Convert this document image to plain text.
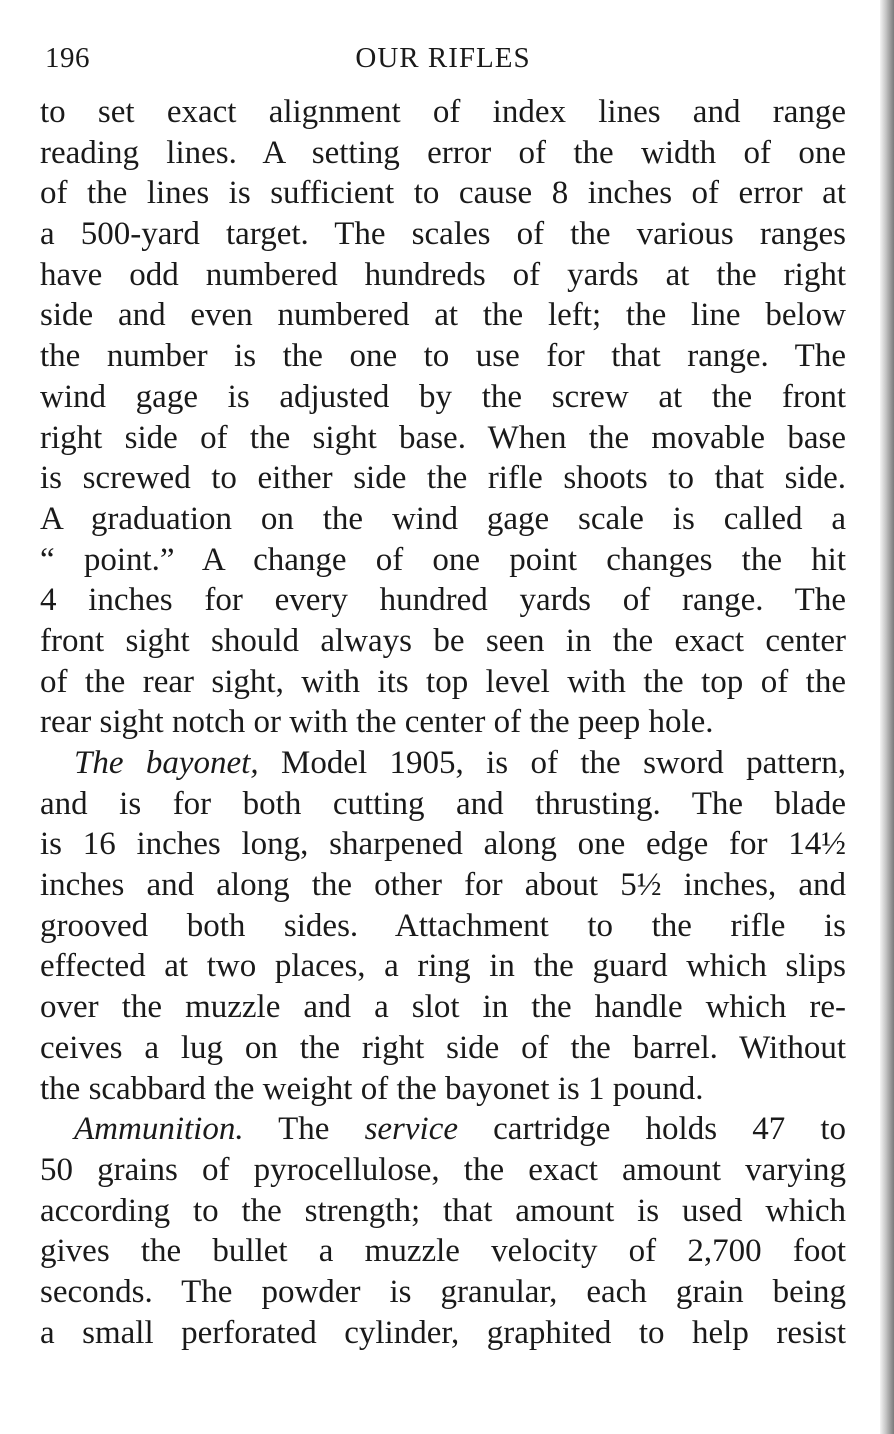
196	OUR RIFLES
to set exact alignment of index lines and range
reading lines. A setting error of the width of one
of the lines is sufficient to cause 8 inches of error at
a 500-yard target. The scales of the various ranges
have odd numbered hundreds of yards at the right
side and even numbered at the left; the line below
the number is the one to use for that range. The
wind gage is adjusted by the screw at the front
right side of the sight base. When the movable base
is screwed to either side the rifle shoots to that side.
A graduation on the wind gage scale is called a
“ point.” A change of one point changes the hit
4 inches for every hundred yards of range. The
front sight should always be seen in the exact center
of the rear sight, with its top level with the top of the
rear sight notch or with the center of the peep hole.
The bayonet, Model 1905, is of the sword pattern,
and is for both cutting and thrusting. The blade
is 16 inches long, sharpened along one edge for 14½
inches and along the other for about 5½ inches, and
grooved both sides. Attachment to the rifle is
effected at two places, a ring in the guard which slips
over the muzzle and a slot in the handle which re-
ceives a lug on the right side of the barrel. Without
the scabbard the weight of the bayonet is 1 pound.
Ammunition. The service cartridge holds 47 to
50 grains of pyrocellulose, the exact amount varying
according to the strength; that amount is used which
gives the bullet a muzzle velocity of 2,700 foot
seconds. The powder is granular, each grain being
a small perforated cylinder, graphited to help resist
